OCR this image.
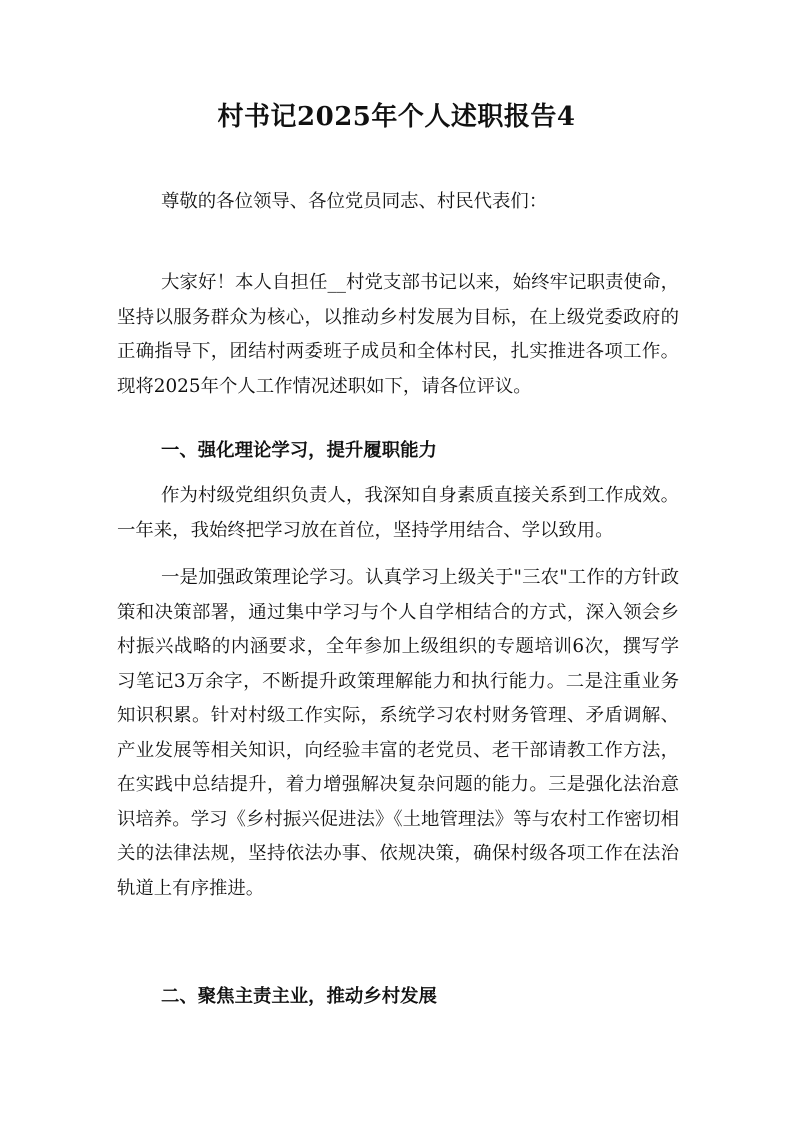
村书记2025年个人述职报告4

尊敬的各位领导、各位党员同志、村民代表们：

大家好！本人自担任__村党支部书记以来，始终牢记职责使命，坚持以服务群众为核心，以推动乡村发展为目标，在上级党委政府的正确指导下，团结村两委班子成员和全体村民，扎实推进各项工作。现将2025年个人工作情况述职如下，请各位评议。

一、强化理论学习，提升履职能力

作为村级党组织负责人，我深知自身素质直接关系到工作成效。一年来，我始终把学习放在首位，坚持学用结合、学以致用。

一是加强政策理论学习。认真学习上级关于"三农"工作的方针政策和决策部署，通过集中学习与个人自学相结合的方式，深入领会乡村振兴战略的内涵要求，全年参加上级组织的专题培训6次，撰写学习笔记3万余字，不断提升政策理解能力和执行能力。二是注重业务知识积累。针对村级工作实际，系统学习农村财务管理、矛盾调解、产业发展等相关知识，向经验丰富的老党员、老干部请教工作方法，在实践中总结提升，着力增强解决复杂问题的能力。三是强化法治意识培养。学习《乡村振兴促进法》《土地管理法》等与农村工作密切相关的法律法规，坚持依法办事、依规决策，确保村级各项工作在法治轨道上有序推进。

二、聚焦主责主业，推动乡村发展
